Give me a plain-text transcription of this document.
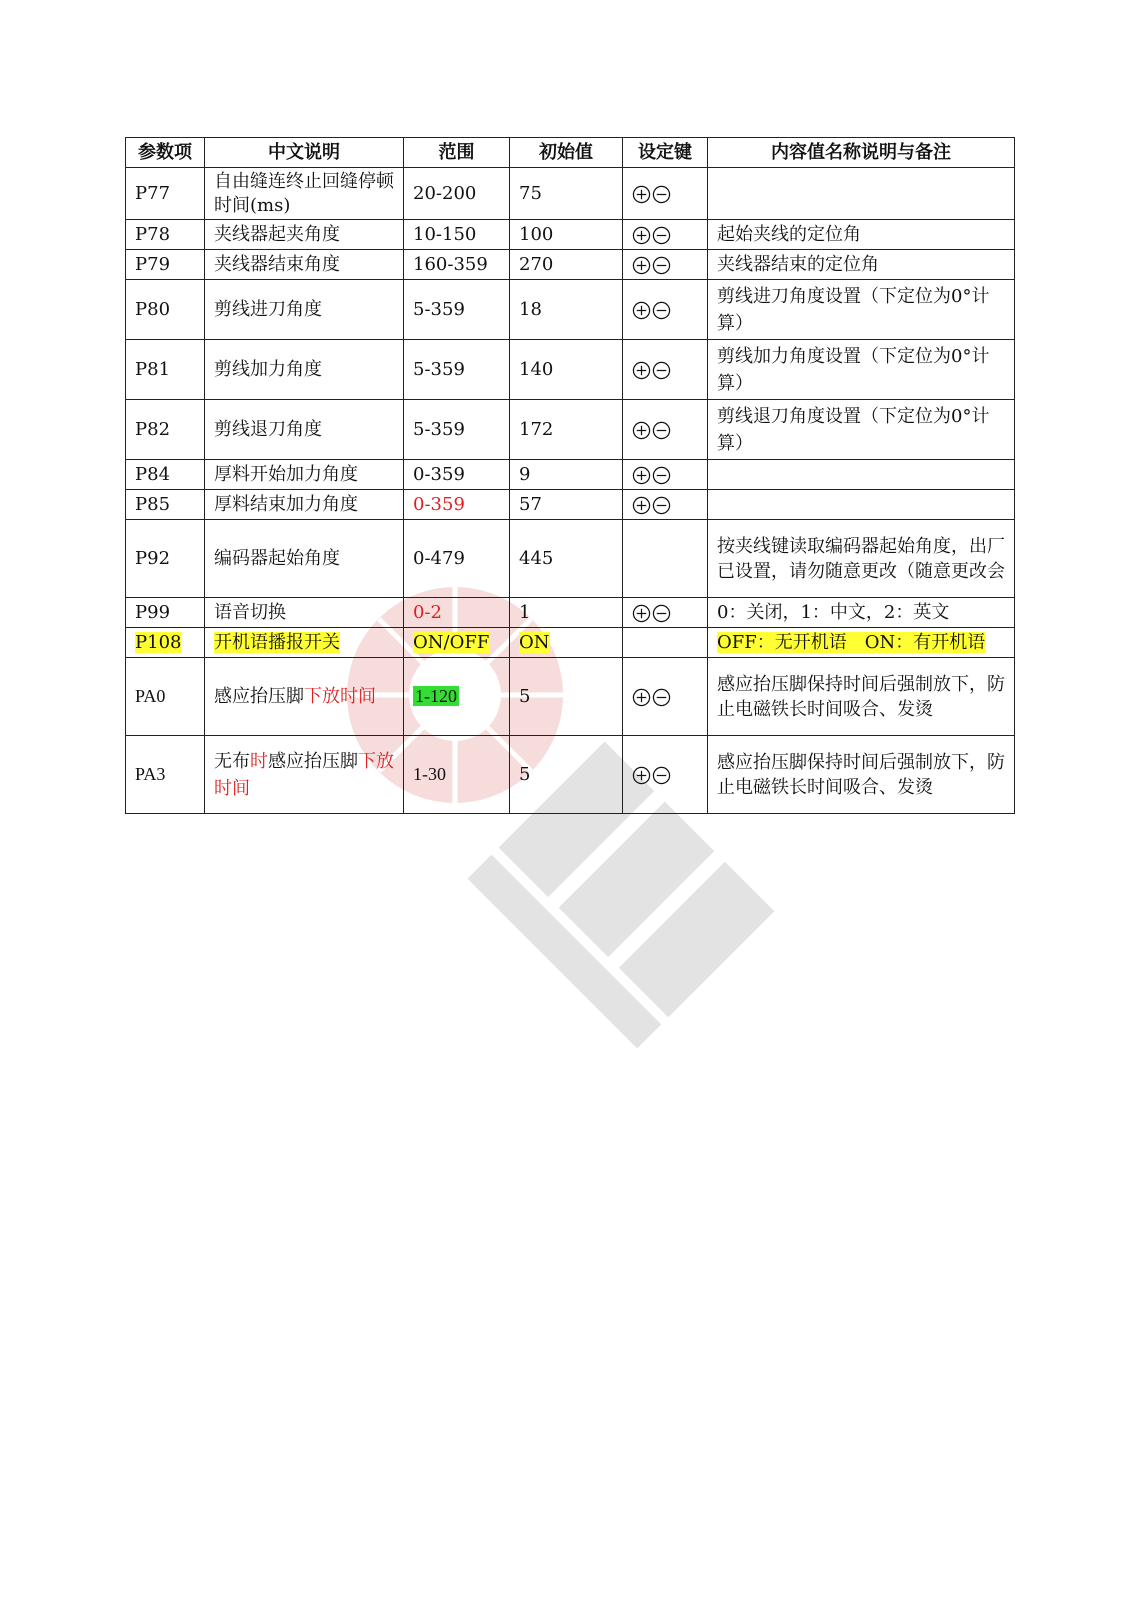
参数项	中文说明	范围	初始值	设定键	内容值名称说明与备注
P77	自由缝连终止回缝停顿时间(ms)	20-200	75	

P78	夹线器起夹角度	10-150	100		起始夹线的定位角
P79	夹线器结束角度	160-359	270		夹线器结束的定位角
P80	剪线进刀角度	5-359	18		剪线进刀角度设置（下定位为0°计算）
P81	剪线加力角度	5-359	140		剪线加力角度设置（下定位为0°计算）
P82	剪线退刀角度	5-359	172		剪线退刀角度设置（下定位为0°计算）
P84	厚料开始加力角度	0-359	9	

P85	厚料结束加力角度	0-359	57	

P92	编码器起始角度	0-479	445		按夹线键读取编码器起始角度，出厂已设置，请勿随意更改（随意更改会
P99	语音切换	0-2	1		0：关闭，1：中文，2：英文
P108	开机语播报开关	ON/OFF	ON		OFF：无开机语　ON：有开机语
PA0	感应抬压脚下放时间	1-120	5		感应抬压脚保持时间后强制放下，防止电磁铁长时间吸合、发烫
PA3	无布时感应抬压脚下放时间	1-30	5		感应抬压脚保持时间后强制放下，防止电磁铁长时间吸合、发烫
